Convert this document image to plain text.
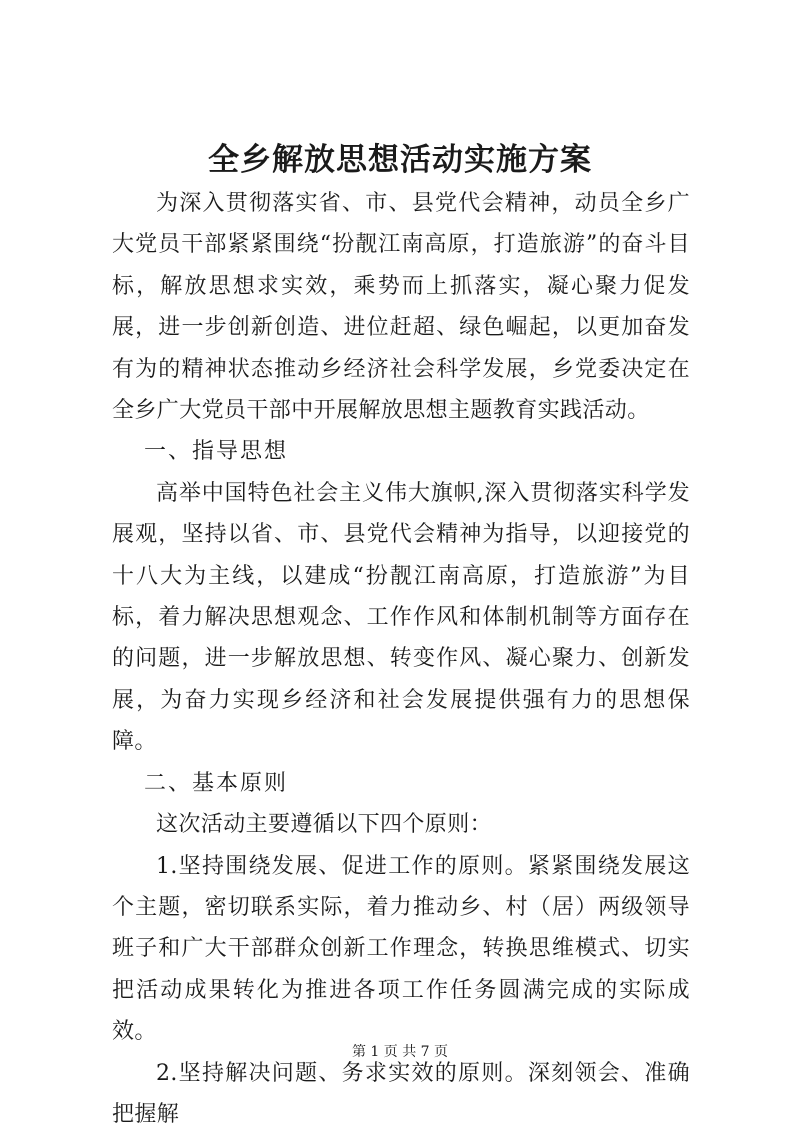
全乡解放思想活动实施方案

为深入贯彻落实省、市、县党代会精神，动员全乡广大党员干部紧紧围绕“扮靓江南高原，打造旅游”的奋斗目标，解放思想求实效，乘势而上抓落实，凝心聚力促发展，进一步创新创造、进位赶超、绿色崛起，以更加奋发有为的精神状态推动乡经济社会科学发展，乡党委决定在全乡广大党员干部中开展解放思想主题教育实践活动。

一、指导思想

高举中国特色社会主义伟大旗帜,深入贯彻落实科学发展观，坚持以省、市、县党代会精神为指导，以迎接党的十八大为主线，以建成“扮靓江南高原，打造旅游”为目标，着力解决思想观念、工作作风和体制机制等方面存在的问题，进一步解放思想、转变作风、凝心聚力、创新发展，为奋力实现乡经济和社会发展提供强有力的思想保障。

二、基本原则

这次活动主要遵循以下四个原则：

1.坚持围绕发展、促进工作的原则。紧紧围绕发展这个主题，密切联系实际，着力推动乡、村（居）两级领导班子和广大干部群众创新工作理念，转换思维模式、切实把活动成果转化为推进各项工作任务圆满完成的实际成效。

2.坚持解决问题、务求实效的原则。深刻领会、准确把握解

第 1 页 共 7 页
